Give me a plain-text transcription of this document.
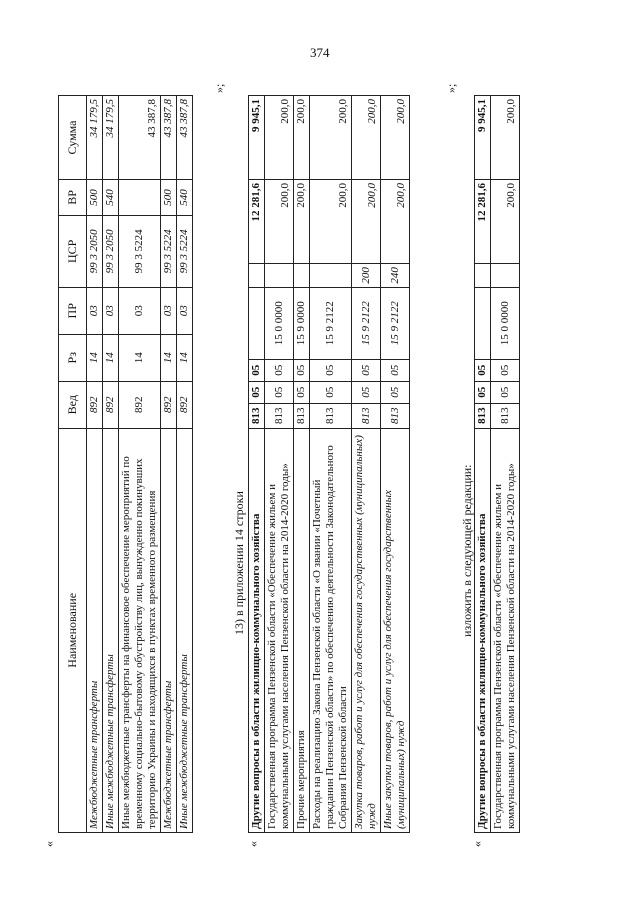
374
«
Наименование	Вед	Рз	ПР	ЦСР	ВР	Сумма
Межбюджетные трансферты	892	14	03	99 3 2050	500	34 179,5
Иные межбюджетные трансферты	892	14	03	99 3 2050	540	34 179,5
Иные межбюджетные трансферты на финансовое обеспечение мероприятий по временному социально-бытовому обустройству лиц, вынужденно покинувших территорию Украины и находящихся в пунктах временного размещения	892	14	03	99 3 5224		43 387,8
Межбюджетные трансферты	892	14	03	99 3 5224	500	43 387,8
Иные межбюджетные трансферты	892	14	03	99 3 5224	540	43 387,8
»;
13) в приложении 14 строки
«
Другие вопросы в области жилищно-коммунального хозяйства	813	05	05			12 281,6	9 945,1
Государственная программа Пензенской области «Обеспечение жильем и коммунальными услугами населения Пензенской области на 2014-2020 годы»	813	05	05	15 0 0000		200,0	200,0
Прочие мероприятия	813	05	05	15 9 0000		200,0	200,0
Расходы на реализацию Закона Пензенской области «О звании «Почетный гражданин Пензенской области» по обеспечению деятельности Законодательного Собрания Пензенской области	813	05	05	15 9 2122		200,0	200,0
Закупка товаров, работ и услуг для обеспечения государственных (муниципальных) нужд	813	05	05	15 9 2122	200	200,0	200,0
Иные закупки товаров, работ и услуг для обеспечения государственных (муниципальных) нужд	813	05	05	15 9 2122	240	200,0	200,0
»;
изложить в следующей редакции:
«
Другие вопросы в области жилищно-коммунального хозяйства	813	05	05			12 281,6	9 945,1
Государственная программа Пензенской области «Обеспечение жильем и коммунальными услугами населения Пензенской области на 2014-2020 годы»	813	05	05	15 0 0000		200,0	200,0
